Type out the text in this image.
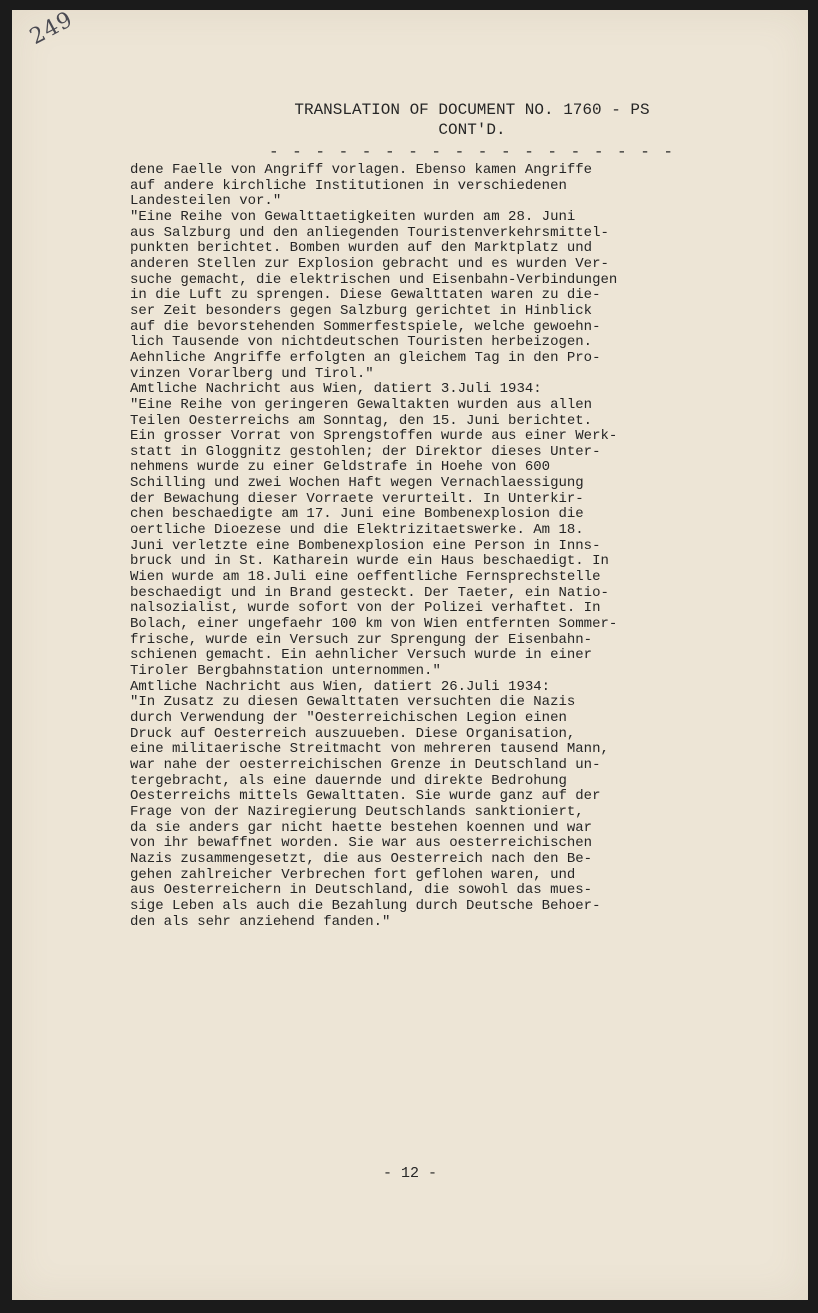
249
TRANSLATION OF DOCUMENT NO. 1760 - PS
CONT'D.
- - - - - - - - - - - - - - - - - -
dene Faelle von Angriff vorlagen. Ebenso kamen Angriffe
auf andere kirchliche Institutionen in verschiedenen
Landesteilen vor."
"Eine Reihe von Gewalttaetigkeiten wurden am 28. Juni
aus Salzburg und den anliegenden Touristenverkehrsmittel-
punkten berichtet. Bomben wurden auf den Marktplatz und
anderen Stellen zur Explosion gebracht und es wurden Ver-
suche gemacht, die elektrischen und Eisenbahn-Verbindungen
in die Luft zu sprengen. Diese Gewalttaten waren zu die-
ser Zeit besonders gegen Salzburg gerichtet in Hinblick
auf die bevorstehenden Sommerfestspiele, welche gewoehn-
lich Tausende von nichtdeutschen Touristen herbeizogen.
Aehnliche Angriffe erfolgten an gleichem Tag in den Pro-
vinzen Vorarlberg und Tirol."
Amtliche Nachricht aus Wien, datiert 3.Juli 1934:
"Eine Reihe von geringeren Gewaltakten wurden aus allen
Teilen Oesterreichs am Sonntag, den 15. Juni berichtet.
Ein grosser Vorrat von Sprengstoffen wurde aus einer Werk-
statt in Gloggnitz gestohlen; der Direktor dieses Unter-
nehmens wurde zu einer Geldstrafe in Hoehe von 600
Schilling und zwei Wochen Haft wegen Vernachlaessigung
der Bewachung dieser Vorraete verurteilt. In Unterkir-
chen beschaedigte am 17. Juni eine Bombenexplosion die
oertliche Dioezese und die Elektrizitaetswerke. Am 18.
Juni verletzte eine Bombenexplosion eine Person in Inns-
bruck und in St. Katharein wurde ein Haus beschaedigt. In
Wien wurde am 18.Juli eine oeffentliche Fernsprechstelle
beschaedigt und in Brand gesteckt. Der Taeter, ein Natio-
nalsozialist, wurde sofort von der Polizei verhaftet. In
Bolach, einer ungefaehr 100 km von Wien entfernten Sommer-
frische, wurde ein Versuch zur Sprengung der Eisenbahn-
schienen gemacht. Ein aehnlicher Versuch wurde in einer
Tiroler Bergbahnstation unternommen."
Amtliche Nachricht aus Wien, datiert 26.Juli 1934:
"In Zusatz zu diesen Gewalttaten versuchten die Nazis
durch Verwendung der "Oesterreichischen Legion einen
Druck auf Oesterreich auszuueben. Diese Organisation,
eine militaerische Streitmacht von mehreren tausend Mann,
war nahe der oesterreichischen Grenze in Deutschland un-
tergebracht, als eine dauernde und direkte Bedrohung
Oesterreichs mittels Gewalttaten. Sie wurde ganz auf der
Frage von der Naziregierung Deutschlands sanktioniert,
da sie anders gar nicht haette bestehen koennen und war
von ihr bewaffnet worden. Sie war aus oesterreichischen
Nazis zusammengesetzt, die aus Oesterreich nach den Be-
gehen zahlreicher Verbrechen fort geflohen waren, und
aus Oesterreichern in Deutschland, die sowohl das mues-
sige Leben als auch die Bezahlung durch Deutsche Behoer-
den als sehr anziehend fanden."
- 12 -
